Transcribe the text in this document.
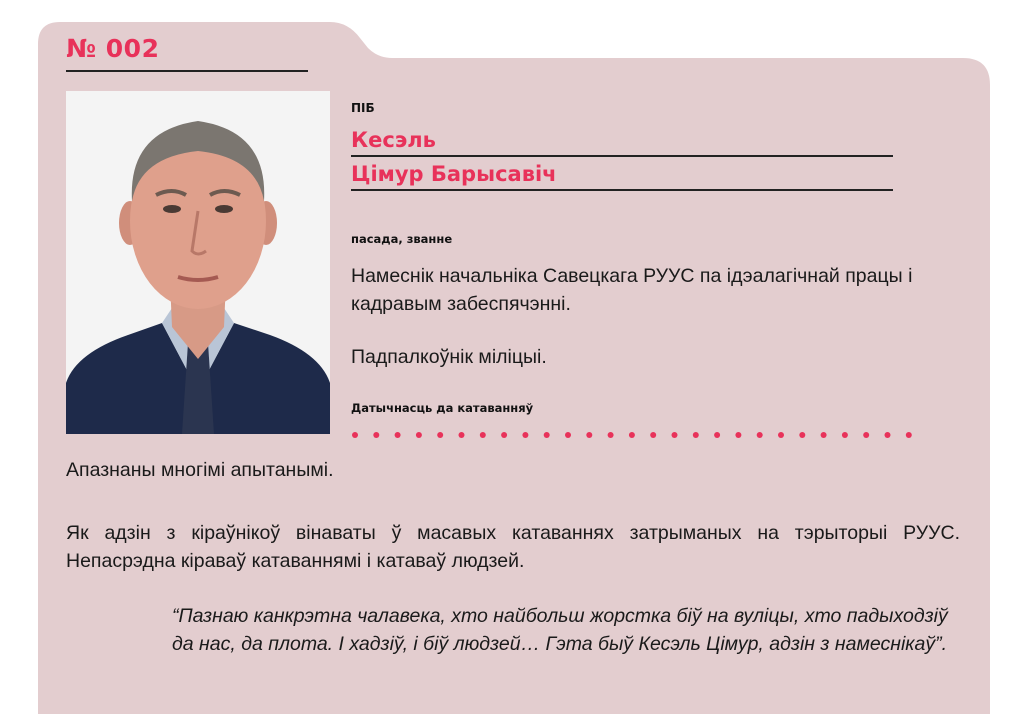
№ 002
ПІБ
Кесэль
Цімур Барысавіч
пасада, званне
Намеснік начальніка Савецкага РУУС па ідэалагічнай працы і кадравым забеспячэнні.
Падпалкоўнік міліцыі.
Датычнасць да катаванняў
Апазнаны многімі апытанымі.
Як адзін з кіраўнікоў вінаваты ў масавых катаваннях затрыманых на тэрыторыі РУУС. Непасрэдна кіраваў катаваннямі і катаваў людзей.
“Пазнаю канкрэтна чалавека, хто найбольш жорстка біў на вуліцы, хто падыходзіў да нас, да плота. І хадзіў, і біў людзей… Гэта быў Кесэль Цімур, адзін з намеснікаў”.
